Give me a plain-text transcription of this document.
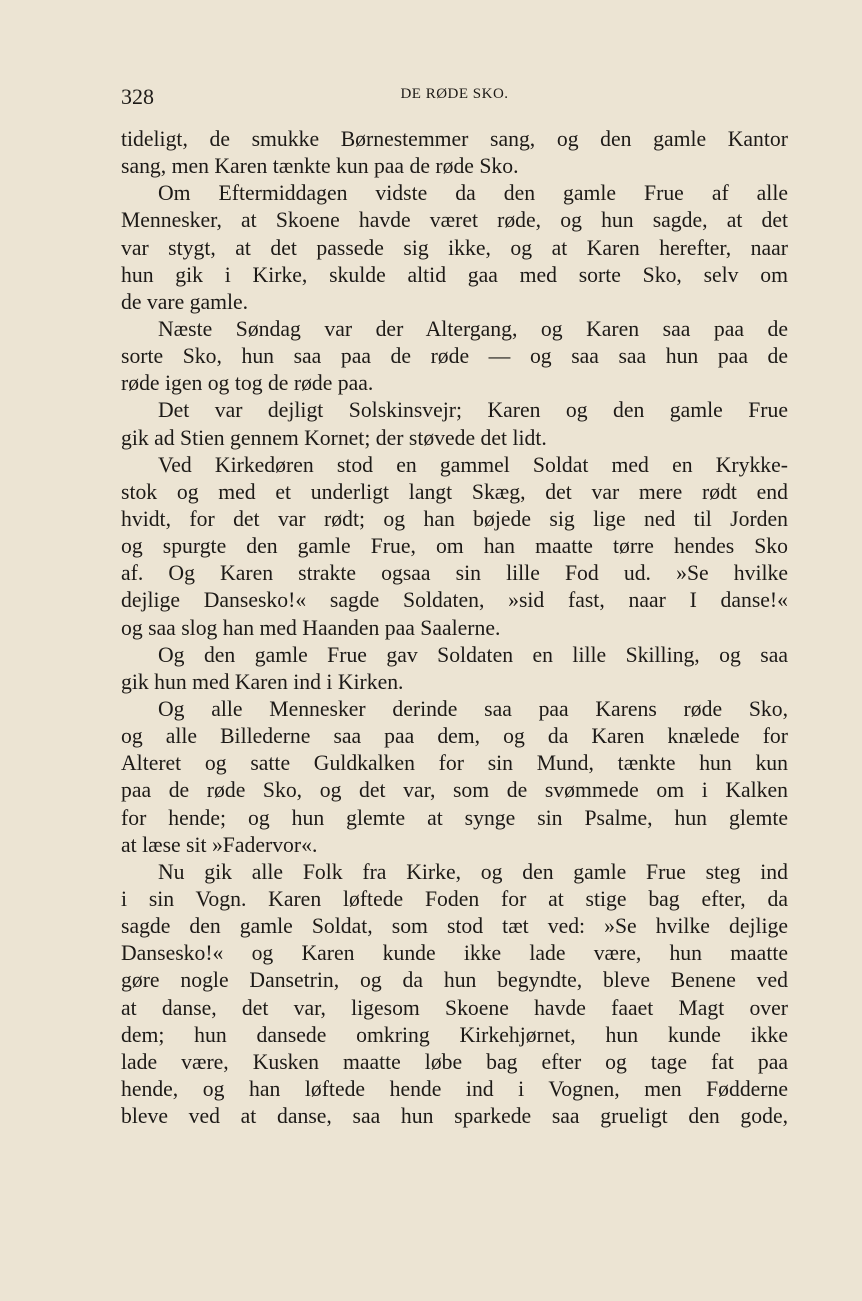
328	DE RØDE SKO.
tideligt, de smukke Børnestemmer sang, og den gamle Kantor
sang, men Karen tænkte kun paa de røde Sko.
Om Eftermiddagen vidste da den gamle Frue af alle
Mennesker, at Skoene havde været røde, og hun sagde, at det
var stygt, at det passede sig ikke, og at Karen herefter, naar
hun gik i Kirke, skulde altid gaa med sorte Sko, selv om
de vare gamle.
Næste Søndag var der Altergang, og Karen saa paa de
sorte Sko, hun saa paa de røde — og saa saa hun paa de
røde igen og tog de røde paa.
Det var dejligt Solskinsvejr; Karen og den gamle Frue
gik ad Stien gennem Kornet; der støvede det lidt.
Ved Kirkedøren stod en gammel Soldat med en Krykke-
stok og med et underligt langt Skæg, det var mere rødt end
hvidt, for det var rødt; og han bøjede sig lige ned til Jorden
og spurgte den gamle Frue, om han maatte tørre hendes Sko
af. Og Karen strakte ogsaa sin lille Fod ud. »Se hvilke
dejlige Dansesko!« sagde Soldaten, »sid fast, naar I danse!«
og saa slog han med Haanden paa Saalerne.
Og den gamle Frue gav Soldaten en lille Skilling, og saa
gik hun med Karen ind i Kirken.
Og alle Mennesker derinde saa paa Karens røde Sko,
og alle Billederne saa paa dem, og da Karen knælede for
Alteret og satte Guldkalken for sin Mund, tænkte hun kun
paa de røde Sko, og det var, som de svømmede om i Kalken
for hende; og hun glemte at synge sin Psalme, hun glemte
at læse sit »Fadervor«.
Nu gik alle Folk fra Kirke, og den gamle Frue steg ind
i sin Vogn. Karen løftede Foden for at stige bag efter, da
sagde den gamle Soldat, som stod tæt ved: »Se hvilke dejlige
Dansesko!« og Karen kunde ikke lade være, hun maatte
gøre nogle Dansetrin, og da hun begyndte, bleve Benene ved
at danse, det var, ligesom Skoene havde faaet Magt over
dem; hun dansede omkring Kirkehjørnet, hun kunde ikke
lade være, Kusken maatte løbe bag efter og tage fat paa
hende, og han løftede hende ind i Vognen, men Fødderne
bleve ved at danse, saa hun sparkede saa grueligt den gode,
